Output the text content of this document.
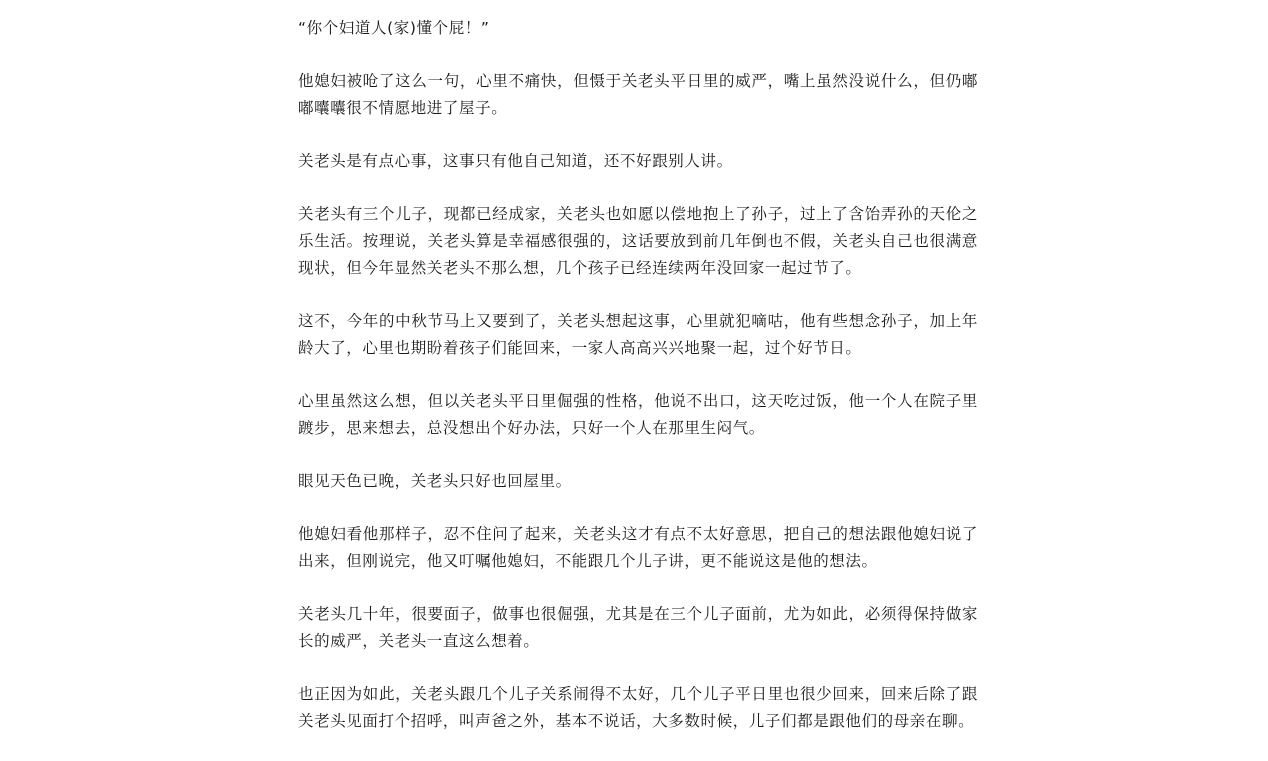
“你个妇道人(家)懂个屁！”

他媳妇被呛了这么一句，心里不痛快，但慑于关老头平日里的威严，嘴上虽然没说什么，但仍嘟嘟囔囔很不情愿地进了屋子。

关老头是有点心事，这事只有他自己知道，还不好跟别人讲。

关老头有三个儿子，现都已经成家，关老头也如愿以偿地抱上了孙子，过上了含饴弄孙的天伦之乐生活。按理说，关老头算是幸福感很强的，这话要放到前几年倒也不假，关老头自己也很满意现状，但今年显然关老头不那么想，几个孩子已经连续两年没回家一起过节了。

这不，今年的中秋节马上又要到了，关老头想起这事，心里就犯嘀咕，他有些想念孙子，加上年龄大了，心里也期盼着孩子们能回来，一家人高高兴兴地聚一起，过个好节日。

心里虽然这么想，但以关老头平日里倔强的性格，他说不出口，这天吃过饭，他一个人在院子里踱步，思来想去，总没想出个好办法，只好一个人在那里生闷气。

眼见天色已晚，关老头只好也回屋里。

他媳妇看他那样子，忍不住问了起来，关老头这才有点不太好意思，把自己的想法跟他媳妇说了出来，但刚说完，他又叮嘱他媳妇，不能跟几个儿子讲，更不能说这是他的想法。

关老头几十年，很要面子，做事也很倔强，尤其是在三个儿子面前，尤为如此，必须得保持做家长的威严，关老头一直这么想着。

也正因为如此，关老头跟几个儿子关系闹得不太好，几个儿子平日里也很少回来，回来后除了跟关老头见面打个招呼，叫声爸之外，基本不说话，大多数时候，儿子们都是跟他们的母亲在聊。
